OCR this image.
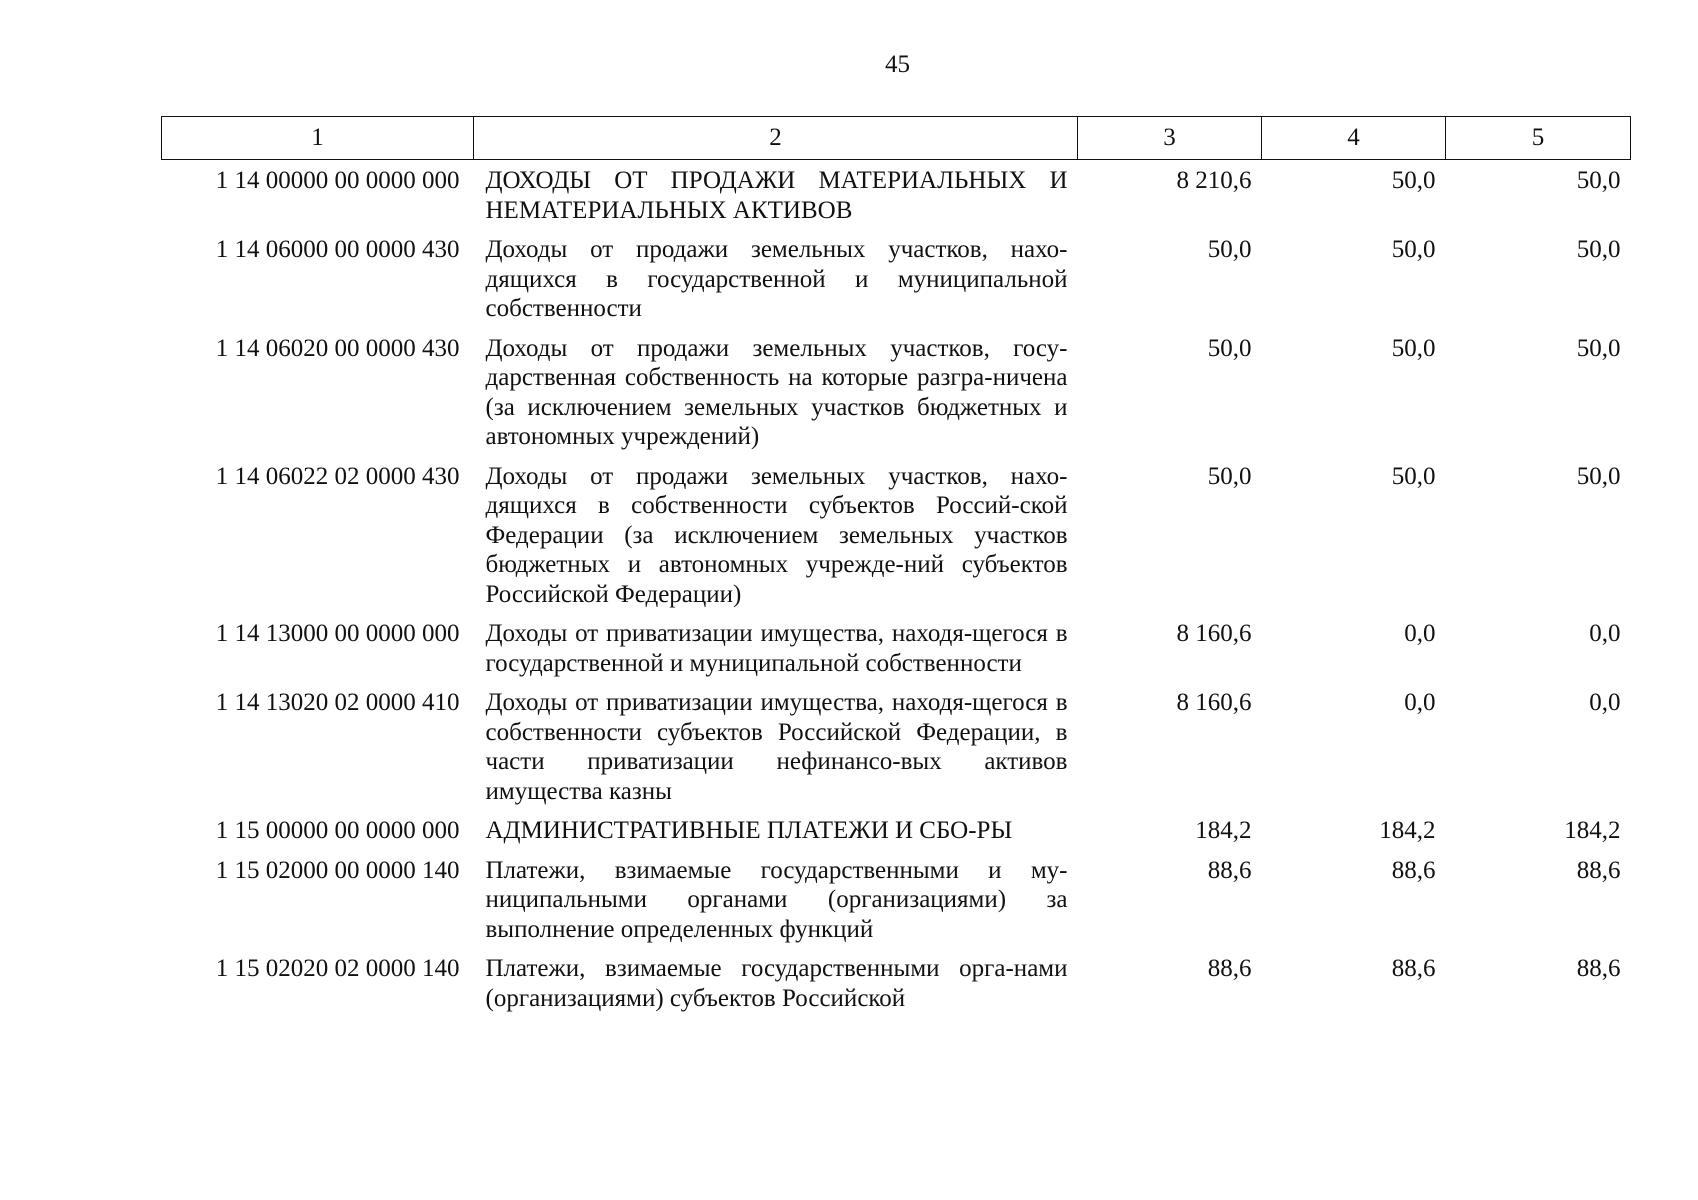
45
1	2	3	4	5
1 14 00000 00 0000 000	ДОХОДЫ ОТ ПРОДАЖИ МАТЕРИАЛЬНЫХ И НЕМАТЕРИАЛЬНЫХ АКТИВОВ	8 210,6	50,0	50,0
1 14 06000 00 0000 430	Доходы от продажи земельных участков, нахо-дящихся в государственной и муниципальной собственности	50,0	50,0	50,0
1 14 06020 00 0000 430	Доходы от продажи земельных участков, госу-дарственная собственность на которые разгра-ничена (за исключением земельных участков бюджетных и автономных учреждений)	50,0	50,0	50,0
1 14 06022 02 0000 430	Доходы от продажи земельных участков, нахо-дящихся в собственности субъектов Россий-ской Федерации (за исключением земельных участков бюджетных и автономных учрежде-ний субъектов Российской Федерации)	50,0	50,0	50,0
1 14 13000 00 0000 000	Доходы от приватизации имущества, находя-щегося в государственной и муниципальной собственности	8 160,6	0,0	0,0
1 14 13020 02 0000 410	Доходы от приватизации имущества, находя-щегося в собственности субъектов Российской Федерации, в части приватизации нефинансо-вых активов имущества казны	8 160,6	0,0	0,0
1 15 00000 00 0000 000	АДМИНИСТРАТИВНЫЕ ПЛАТЕЖИ И СБО-РЫ	184,2	184,2	184,2
1 15 02000 00 0000 140	Платежи, взимаемые государственными и му-ниципальными органами (организациями) за выполнение определенных функций	88,6	88,6	88,6
1 15 02020 02 0000 140	Платежи, взимаемые государственными орга-нами (организациями) субъектов Российской	88,6	88,6	88,6
